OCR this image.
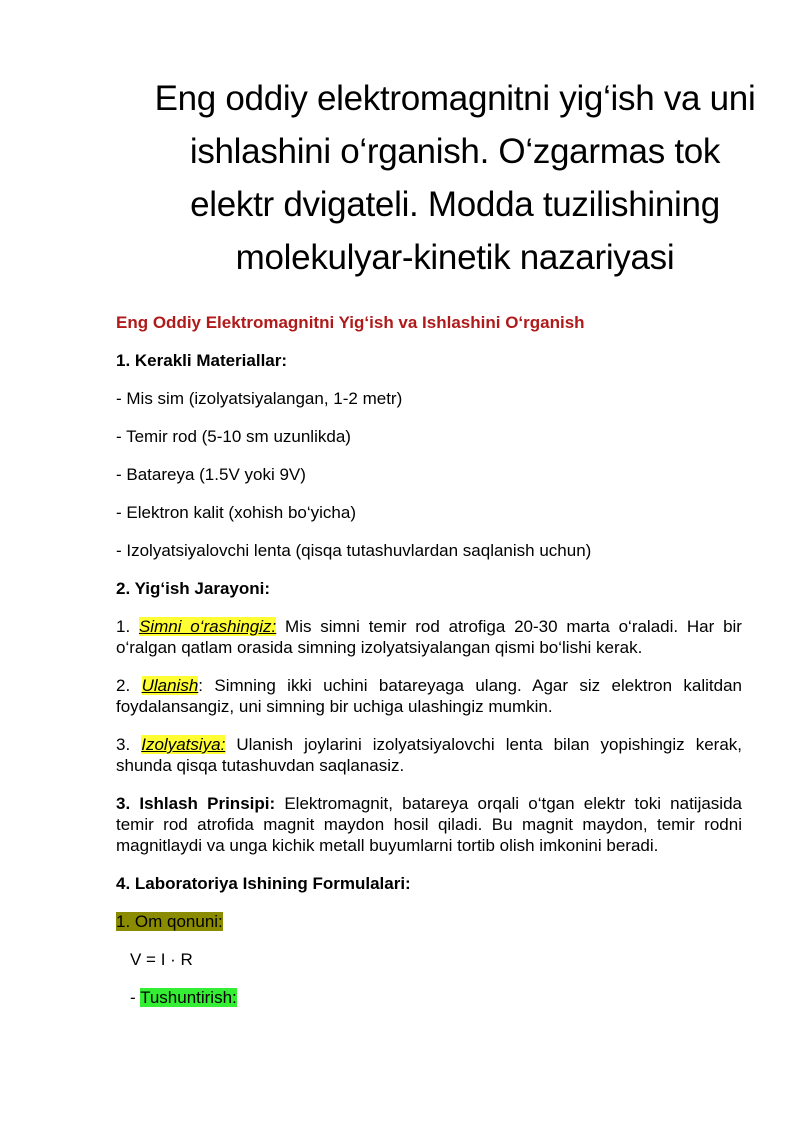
Eng oddiy elektromagnitni yig‘ish va uni ishlashini o‘rganish. O‘zgarmas tok elektr dvigateli. Modda tuzilishining molekulyar-kinetik nazariyasi

Eng Oddiy Elektromagnitni Yig‘ish va Ishlashini O‘rganish

1. Kerakli Materiallar:

- Mis sim (izolyatsiyalangan, 1-2 metr)

- Temir rod (5-10 sm uzunlikda)

- Batareya (1.5V yoki 9V)

- Elektron kalit (xohish bo‘yicha)

- Izolyatsiyalovchi lenta (qisqa tutashuvlardan saqlanish uchun)

2. Yig‘ish Jarayoni:

1. Simni o‘rashingiz: Mis simni temir rod atrofiga 20-30 marta o‘raladi. Har bir o‘ralgan qatlam orasida simning izolyatsiyalangan qismi bo‘lishi kerak.

2. Ulanish: Simning ikki uchini batareyaga ulang. Agar siz elektron kalitdan foydalansangiz, uni simning bir uchiga ulashingiz mumkin.

3. Izolyatsiya: Ulanish joylarini izolyatsiyalovchi lenta bilan yopishingiz kerak, shunda qisqa tutashuvdan saqlanasiz.

3. Ishlash Prinsipi: Elektromagnit, batareya orqali o‘tgan elektr toki natijasida temir rod atrofida magnit maydon hosil qiladi. Bu magnit maydon, temir rodni magnitlaydi va unga kichik metall buyumlarni tortib olish imkonini beradi.

4. Laboratoriya Ishining Formulalari:

1. Om qonuni:

V = I · R

- Tushuntirish:
